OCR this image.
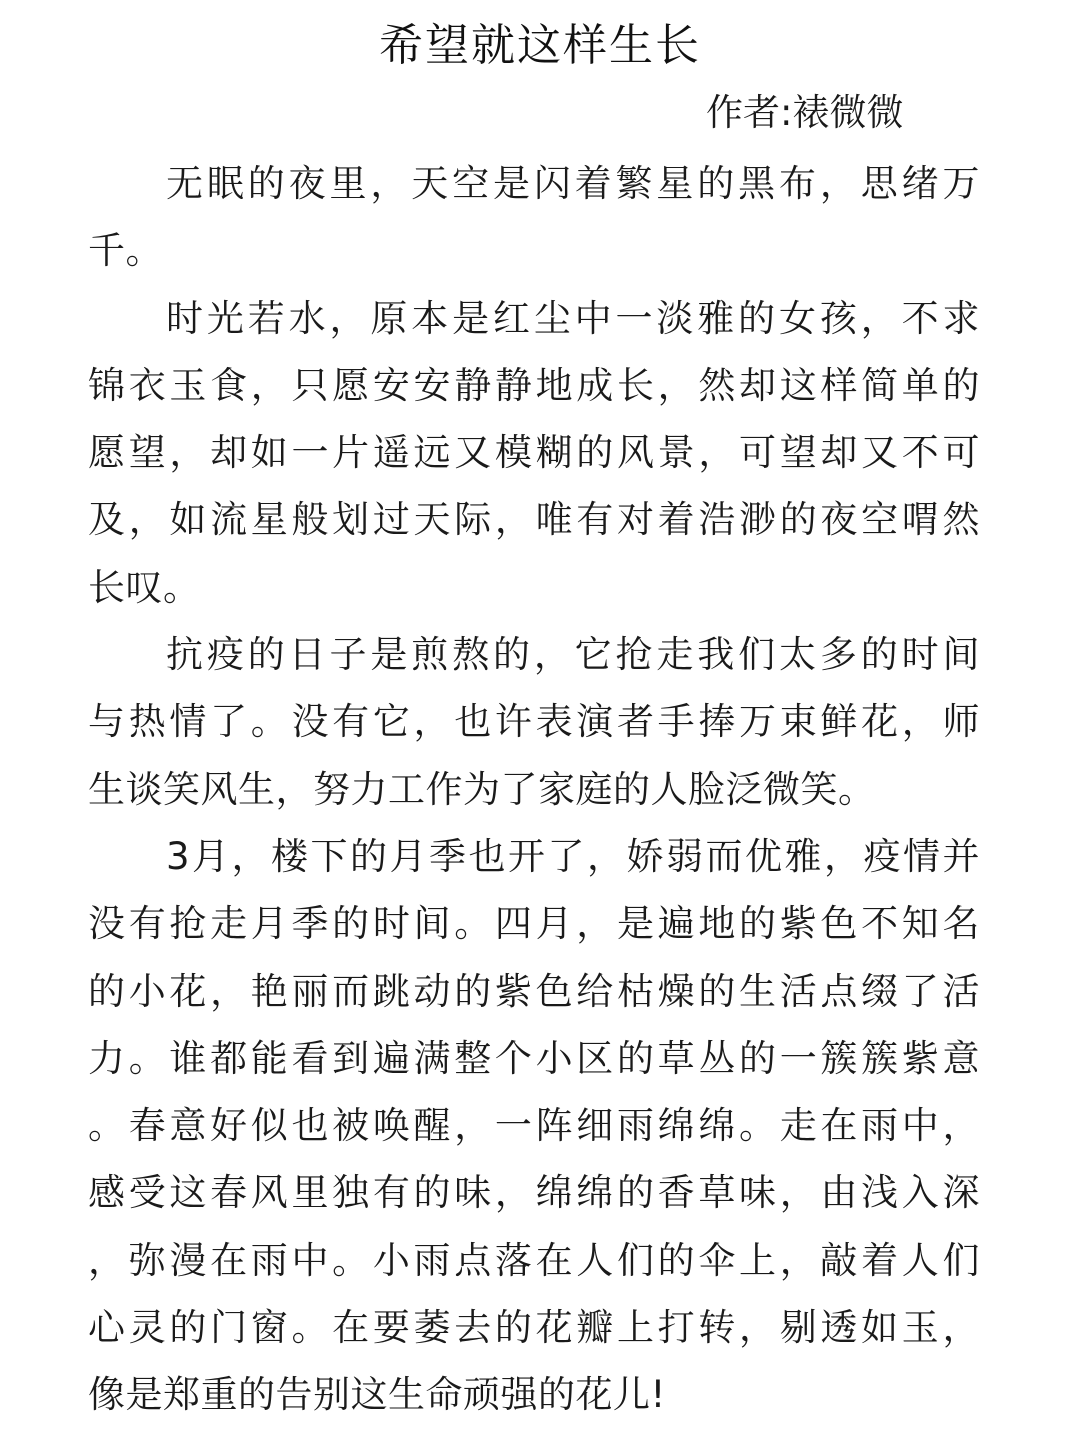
希望就这样生长
作者:裱微微
无眠的夜里，天空是闪着繁星的黑布，思绪万
千。
时光若水，原本是红尘中一淡雅的女孩，不求
锦衣玉食，只愿安安静静地成长，然却这样简单的
愿望，却如一片遥远又模糊的风景，可望却又不可
及，如流星般划过天际，唯有对着浩渺的夜空喟然
长叹。
抗疫的日子是煎熬的，它抢走我们太多的时间
与热情了。没有它，也许表演者手捧万束鲜花，师
生谈笑风生，努力工作为了家庭的人脸泛微笑。
3月，楼下的月季也开了，娇弱而优雅，疫情并
没有抢走月季的时间。四月，是遍地的紫色不知名
的小花，艳丽而跳动的紫色给枯燥的生活点缀了活
力。谁都能看到遍满整个小区的草丛的一簇簇紫意
。春意好似也被唤醒，一阵细雨绵绵。走在雨中，
感受这春风里独有的味，绵绵的香草味，由浅入深
，弥漫在雨中。小雨点落在人们的伞上，敲着人们
心灵的门窗。在要萎去的花瓣上打转，剔透如玉，
像是郑重的告别这生命顽强的花儿!
